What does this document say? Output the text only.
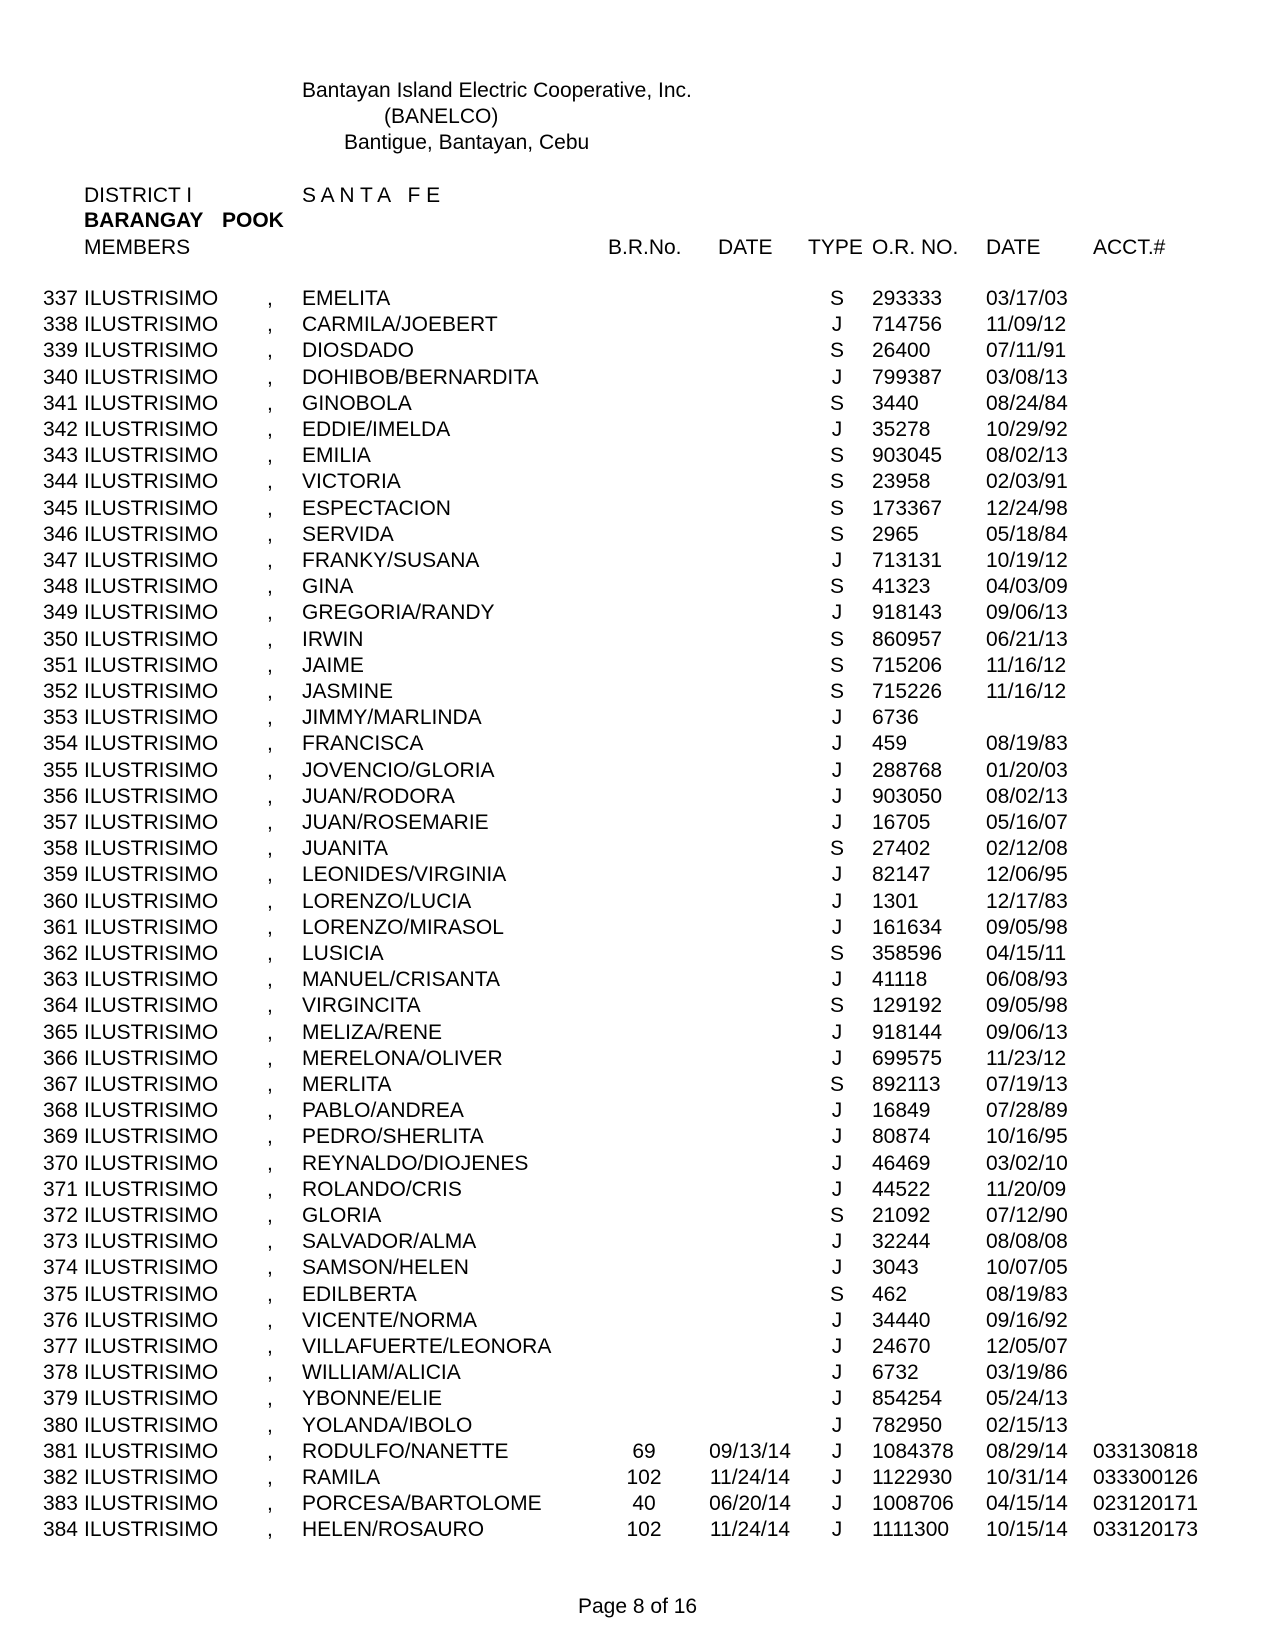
Bantayan Island Electric Cooperative, Inc.
(BANELCO)
Bantigue, Bantayan, Cebu
DISTRICT I	S A N T A   F E
BARANGAY POOK
MEMBERS	B.R.No. DATE TYPE O.R. NO. DATE	ACCT.#
337 ILUSTRISIMO , EMELITA	S	293333 03/17/03
338 ILUSTRISIMO , CARMILA/JOEBERT	J	714756 11/09/12
339 ILUSTRISIMO , DIOSDADO	S	26400	07/11/91
340 ILUSTRISIMO , DOHIBOB/BERNARDITA	J	799387 03/08/13
341 ILUSTRISIMO , GINOBOLA	S	3440	08/24/84
342 ILUSTRISIMO , EDDIE/IMELDA	J	35278	10/29/92
343 ILUSTRISIMO , EMILIA	S	903045 08/02/13
344 ILUSTRISIMO , VICTORIA	S	23958	02/03/91
345 ILUSTRISIMO , ESPECTACION	S	173367 12/24/98
346 ILUSTRISIMO , SERVIDA	S	2965	05/18/84
347 ILUSTRISIMO , FRANKY/SUSANA	J	713131 10/19/12
348 ILUSTRISIMO , GINA	S	41323	04/03/09
349 ILUSTRISIMO , GREGORIA/RANDY	J	918143 09/06/13
350 ILUSTRISIMO , IRWIN	S	860957 06/21/13
351 ILUSTRISIMO , JAIME	S	715206 11/16/12
352 ILUSTRISIMO , JASMINE	S	715226 11/16/12
353 ILUSTRISIMO , JIMMY/MARLINDA	J	6736
354 ILUSTRISIMO , FRANCISCA	J	459	08/19/83
355 ILUSTRISIMO , JOVENCIO/GLORIA	J	288768 01/20/03
356 ILUSTRISIMO , JUAN/RODORA	J	903050 08/02/13
357 ILUSTRISIMO , JUAN/ROSEMARIE	J	16705	05/16/07
358 ILUSTRISIMO , JUANITA	S	27402	02/12/08
359 ILUSTRISIMO , LEONIDES/VIRGINIA	J	82147	12/06/95
360 ILUSTRISIMO , LORENZO/LUCIA	J	1301	12/17/83
361 ILUSTRISIMO , LORENZO/MIRASOL	J	161634 09/05/98
362 ILUSTRISIMO , LUSICIA	S	358596 04/15/11
363 ILUSTRISIMO , MANUEL/CRISANTA	J	41118	06/08/93
364 ILUSTRISIMO , VIRGINCITA	S	129192 09/05/98
365 ILUSTRISIMO , MELIZA/RENE	J	918144 09/06/13
366 ILUSTRISIMO , MERELONA/OLIVER	J	699575 11/23/12
367 ILUSTRISIMO , MERLITA	S	892113 07/19/13
368 ILUSTRISIMO , PABLO/ANDREA	J	16849	07/28/89
369 ILUSTRISIMO , PEDRO/SHERLITA	J	80874	10/16/95
370 ILUSTRISIMO , REYNALDO/DIOJENES	J	46469	03/02/10
371 ILUSTRISIMO , ROLANDO/CRIS	J	44522	11/20/09
372 ILUSTRISIMO , GLORIA	S	21092	07/12/90
373 ILUSTRISIMO , SALVADOR/ALMA	J	32244	08/08/08
374 ILUSTRISIMO , SAMSON/HELEN	J	3043	10/07/05
375 ILUSTRISIMO , EDILBERTA	S	462	08/19/83
376 ILUSTRISIMO , VICENTE/NORMA	J	34440	09/16/92
377 ILUSTRISIMO , VILLAFUERTE/LEONORA	J	24670	12/05/07
378 ILUSTRISIMO , WILLIAM/ALICIA	J	6732	03/19/86
379 ILUSTRISIMO , YBONNE/ELIE	J	854254 05/24/13
380 ILUSTRISIMO , YOLANDA/IBOLO	J	782950 02/15/13
381 ILUSTRISIMO , RODULFO/NANETTE	69	09/13/14	J	1084378 08/29/14 033130818
382 ILUSTRISIMO , RAMILA	102	11/24/14	J	1122930 10/31/14 033300126
383 ILUSTRISIMO , PORCESA/BARTOLOME	40	06/20/14	J	1008706 04/15/14 023120171
384 ILUSTRISIMO , HELEN/ROSAURO	102	11/24/14	J	1111300 10/15/14 033120173
Page 8 of 16
